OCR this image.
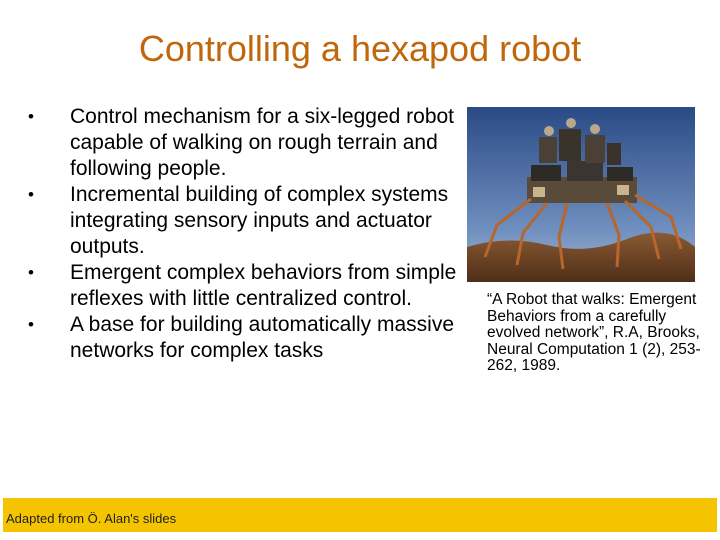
Controlling a hexapod robot
•	Control mechanism for a six-legged robot capable of walking on rough terrain and following people.
•	Incremental building of complex systems integrating sensory inputs and actuator outputs.
•	Emergent complex behaviors from simple reflexes with little centralized control.
•	A base for building automatically massive networks for complex tasks
“A Robot that walks: Emergent Behaviors from a carefully evolved network”, R.A, Brooks, Neural Computation 1 (2), 253-262, 1989.
Adapted from Ö. Alan's slides
